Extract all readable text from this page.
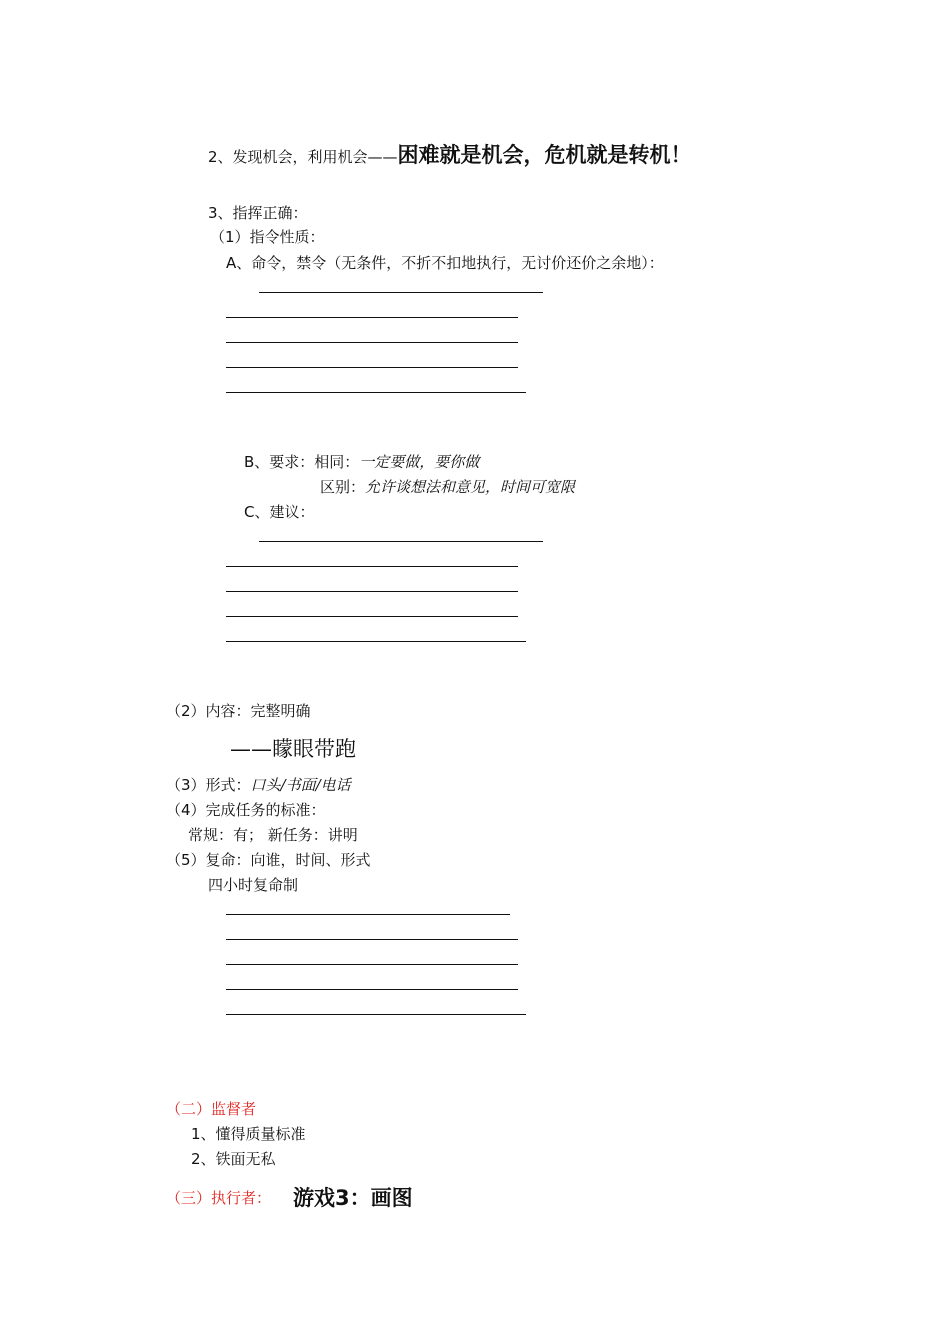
2、发现机会，利用机会——困难就是机会，危机就是转机！
3、指挥正确：
（1）指令性质：
A、命令，禁令（无条件，不折不扣地执行，无讨价还价之余地）：
B、要求：相同：一定要做，要你做
区别：允许谈想法和意见，时间可宽限
C、建议：
（2）内容：完整明确
——矇眼带跑
（3）形式：口头/书面/电话
（4）完成任务的标准：
常规：有； 新任务：讲明
（5）复命：向谁，时间、形式
四小时复命制
（二）监督者
1、懂得质量标准
2、铁面无私
（三）执行者： 游戏3：画图
